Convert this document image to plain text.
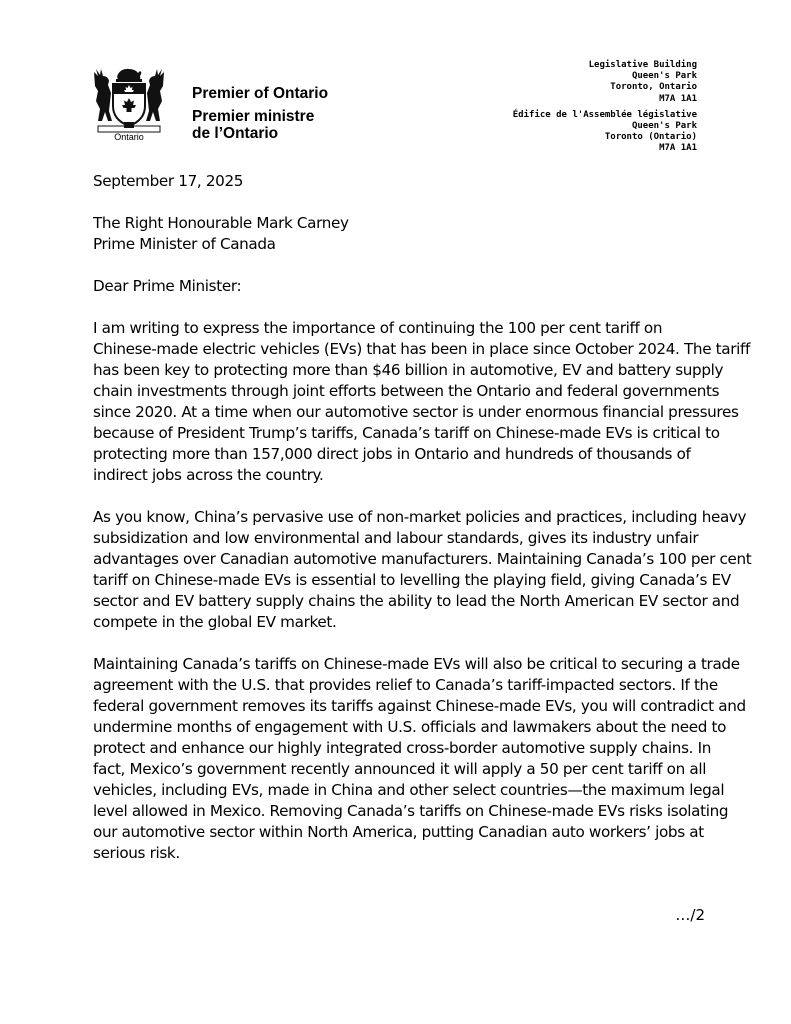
Ontario
Premier of Ontario
Premier ministre
de l’Ontario
Legislative Building
Queen's Park
Toronto, Ontario
M7A 1A1
Édifice de l'Assemblée législative
Queen's Park
Toronto (Ontario)
M7A 1A1
September 17, 2025
The Right Honourable Mark Carney
Prime Minister of Canada
Dear Prime Minister:

I am writing to express the importance of continuing the 100 per cent tariff on
Chinese-made electric vehicles (EVs) that has been in place since October 2024. The tariff
has been key to protecting more than $46 billion in automotive, EV and battery supply
chain investments through joint efforts between the Ontario and federal governments
since 2020. At a time when our automotive sector is under enormous financial pressures
because of President Trump’s tariffs, Canada’s tariff on Chinese-made EVs is critical to
protecting more than 157,000 direct jobs in Ontario and hundreds of thousands of
indirect jobs across the country.

As you know, China’s pervasive use of non-market policies and practices, including heavy
subsidization and low environmental and labour standards, gives its industry unfair
advantages over Canadian automotive manufacturers. Maintaining Canada’s 100 per cent
tariff on Chinese-made EVs is essential to levelling the playing field, giving Canada’s EV
sector and EV battery supply chains the ability to lead the North American EV sector and
compete in the global EV market.

Maintaining Canada’s tariffs on Chinese-made EVs will also be critical to securing a trade
agreement with the U.S. that provides relief to Canada’s tariff-impacted sectors. If the
federal government removes its tariffs against Chinese-made EVs, you will contradict and
undermine months of engagement with U.S. officials and lawmakers about the need to
protect and enhance our highly integrated cross-border automotive supply chains. In
fact, Mexico’s government recently announced it will apply a 50 per cent tariff on all
vehicles, including EVs, made in China and other select countries—the maximum legal
level allowed in Mexico. Removing Canada’s tariffs on Chinese-made EVs risks isolating
our automotive sector within North America, putting Canadian auto workers’ jobs at
serious risk.

…/2
